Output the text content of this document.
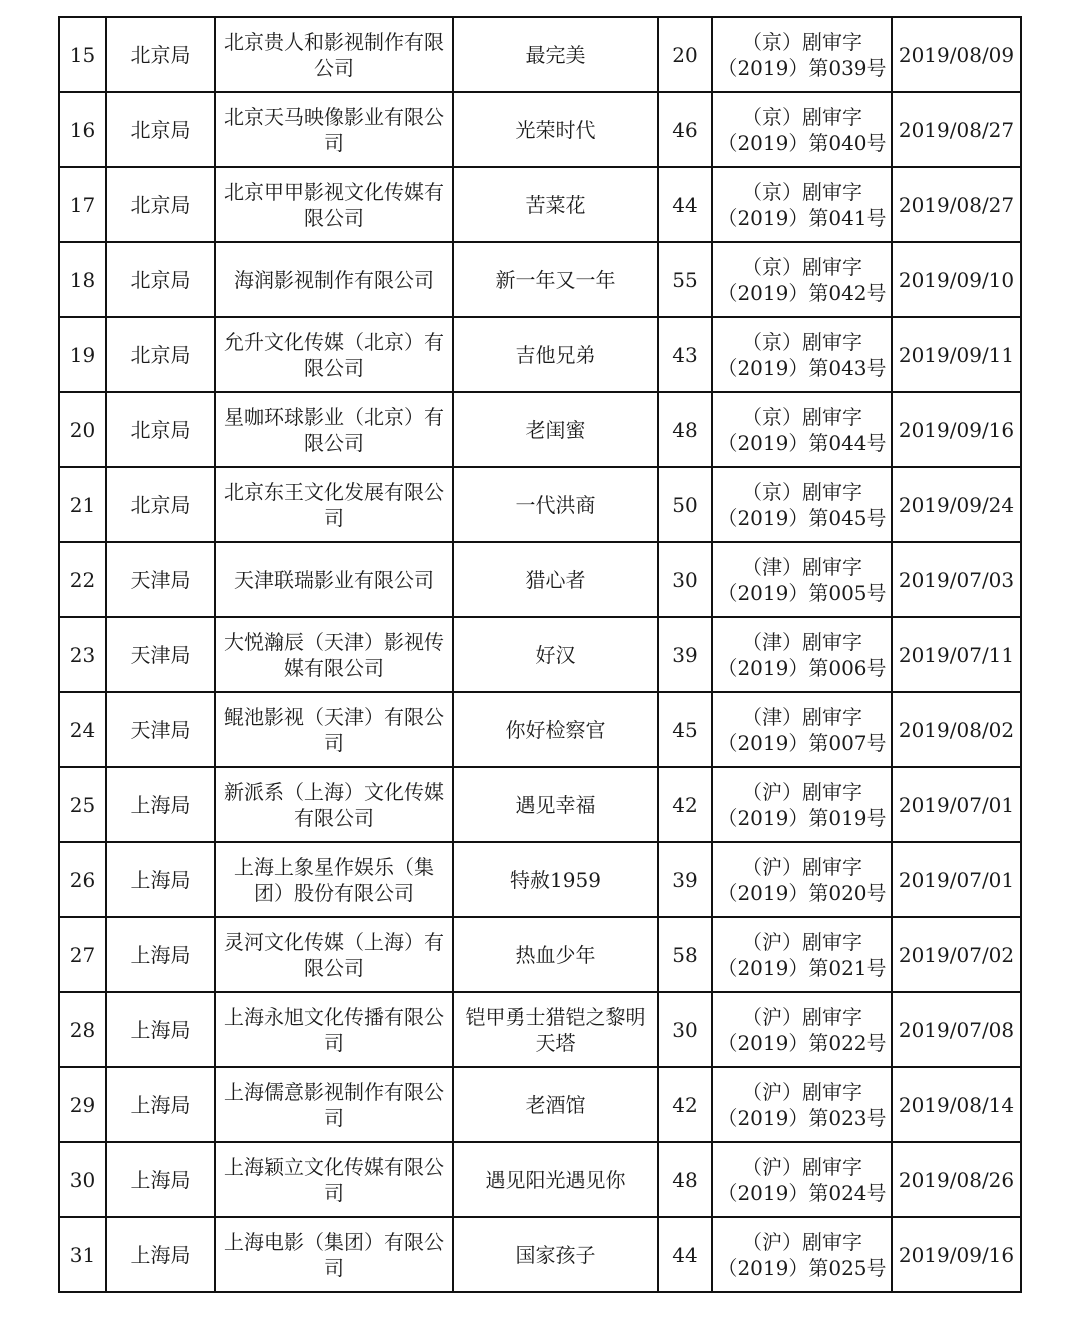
15	北京局	北京贵人和影视制作有限公司	最完美	20	（京）剧审字
（2019）第039号	2019/08/09
16	北京局	北京天马映像影业有限公司	光荣时代	46	（京）剧审字
（2019）第040号	2019/08/27
17	北京局	北京甲甲影视文化传媒有限公司	苦菜花	44	（京）剧审字
（2019）第041号	2019/08/27
18	北京局	海润影视制作有限公司	新一年又一年	55	（京）剧审字
（2019）第042号	2019/09/10
19	北京局	允升文化传媒（北京）有限公司	吉他兄弟	43	（京）剧审字
（2019）第043号	2019/09/11
20	北京局	星咖环球影业（北京）有限公司	老闺蜜	48	（京）剧审字
（2019）第044号	2019/09/16
21	北京局	北京东王文化发展有限公司	一代洪商	50	（京）剧审字
（2019）第045号	2019/09/24
22	天津局	天津联瑞影业有限公司	猎心者	30	（津）剧审字
（2019）第005号	2019/07/03
23	天津局	大悦瀚辰（天津）影视传媒有限公司	好汉	39	（津）剧审字
（2019）第006号	2019/07/11
24	天津局	鲲池影视（天津）有限公司	你好检察官	45	（津）剧审字
（2019）第007号	2019/08/02
25	上海局	新派系（上海）文化传媒有限公司	遇见幸福	42	（沪）剧审字
（2019）第019号	2019/07/01
26	上海局	上海上象星作娱乐（集团）股份有限公司	特赦1959	39	（沪）剧审字
（2019）第020号	2019/07/01
27	上海局	灵河文化传媒（上海）有限公司	热血少年	58	（沪）剧审字
（2019）第021号	2019/07/02
28	上海局	上海永旭文化传播有限公司	铠甲勇士猎铠之黎明天塔	30	（沪）剧审字
（2019）第022号	2019/07/08
29	上海局	上海儒意影视制作有限公司	老酒馆	42	（沪）剧审字
（2019）第023号	2019/08/14
30	上海局	上海颖立文化传媒有限公司	遇见阳光遇见你	48	（沪）剧审字
（2019）第024号	2019/08/26
31	上海局	上海电影（集团）有限公司	国家孩子	44	（沪）剧审字
（2019）第025号	2019/09/16
